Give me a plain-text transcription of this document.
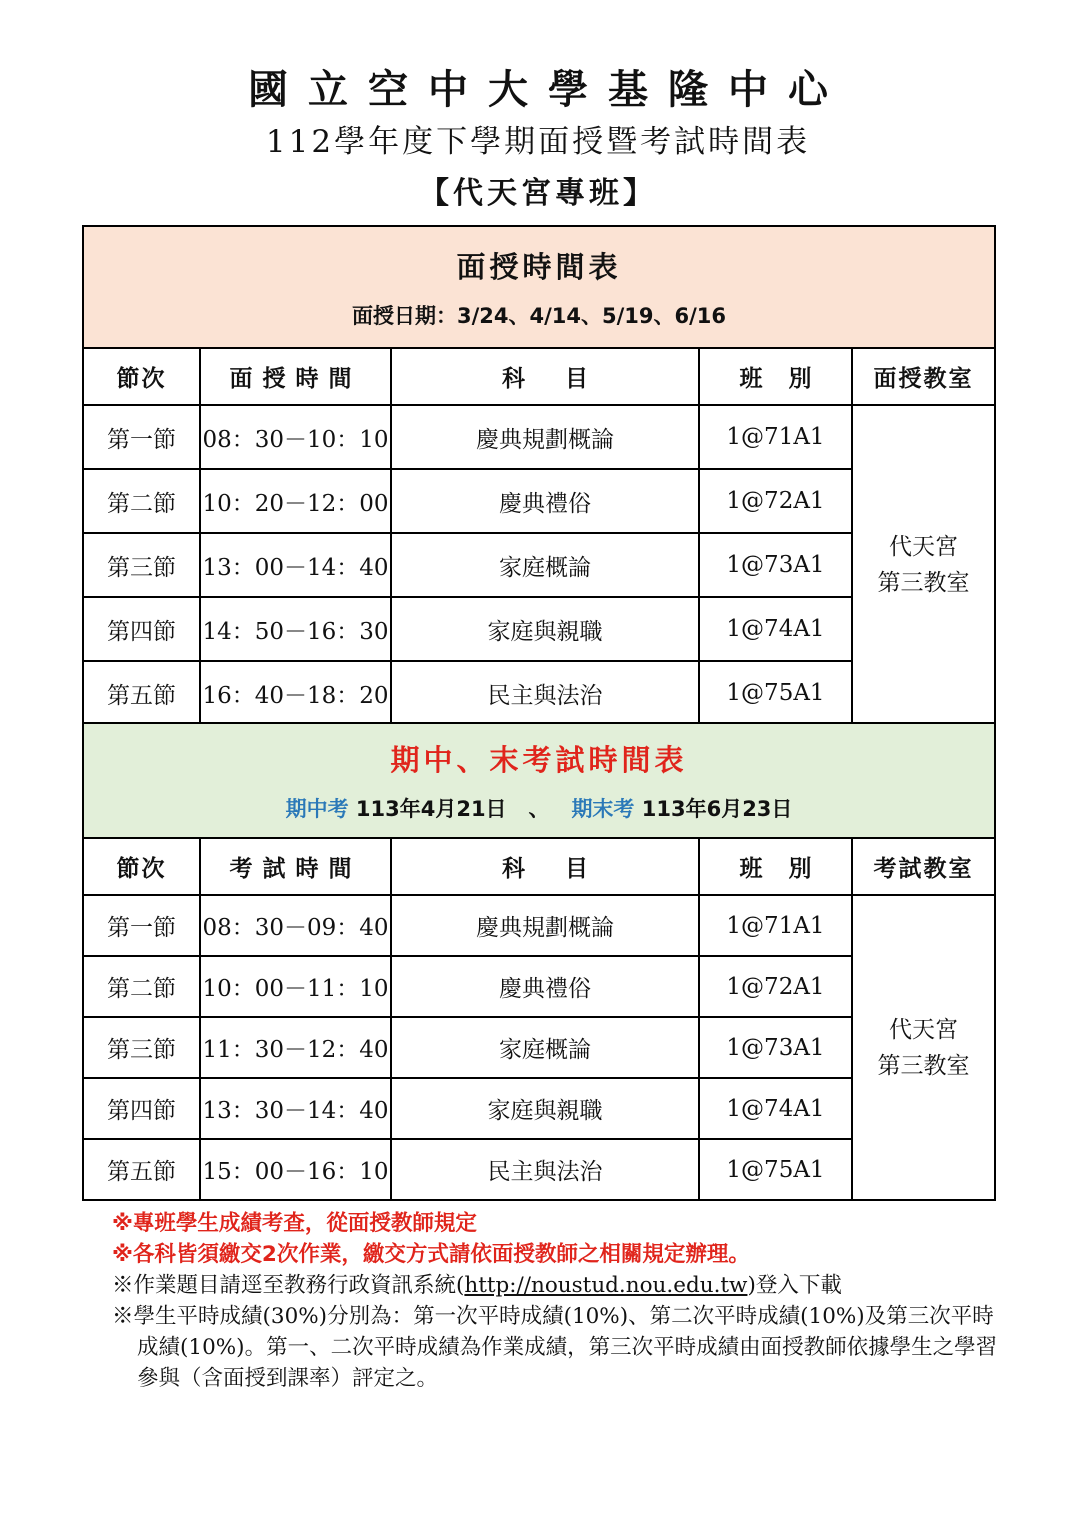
國立空中大學基隆中心
112學年度下學期面授暨考試時間表
【代天宮專班】
面授時間表
面授日期：3/24、4/14、5/19、6/16				

節次	面授時間	科目	班別	面授教室
第一節	08：30－10：10	慶典規劃概論	1@71A1	代天宮
第三教室

第二節	10：20－12：00	慶典禮俗	1@72A1	
第三節	13：00－14：40	家庭概論	1@73A1	
第四節	14：50－16：30	家庭與親職	1@74A1	
第五節	16：40－18：20	民主與法治	1@75A1	
期中、末考試時間表
期中考 113年4月21日 、 期末考 113年6月23日				

節次	考試時間	科目	班別	考試教室
第一節	08：30－09：40	慶典規劃概論	1@71A1	代天宮
第三教室

第二節	10：00－11：10	慶典禮俗	1@72A1	
第三節	11：30－12：40	家庭概論	1@73A1	
第四節	13：30－14：40	家庭與親職	1@74A1	
第五節	15：00－16：10	民主與法治	1@75A1	

※專班學生成績考查，從面授教師規定

※各科皆須繳交2次作業，繳交方式請依面授教師之相關規定辦理。

※作業題目請逕至教務行政資訊系統(http://noustud.nou.edu.tw)登入下載

※學生平時成績(30%)分別為：第一次平時成績(10%)、第二次平時成績(10%)及第三次平時成績(10%)。第一、二次平時成績為作業成績，第三次平時成績由面授教師依據學生之學習參與（含面授到課率）評定之。
